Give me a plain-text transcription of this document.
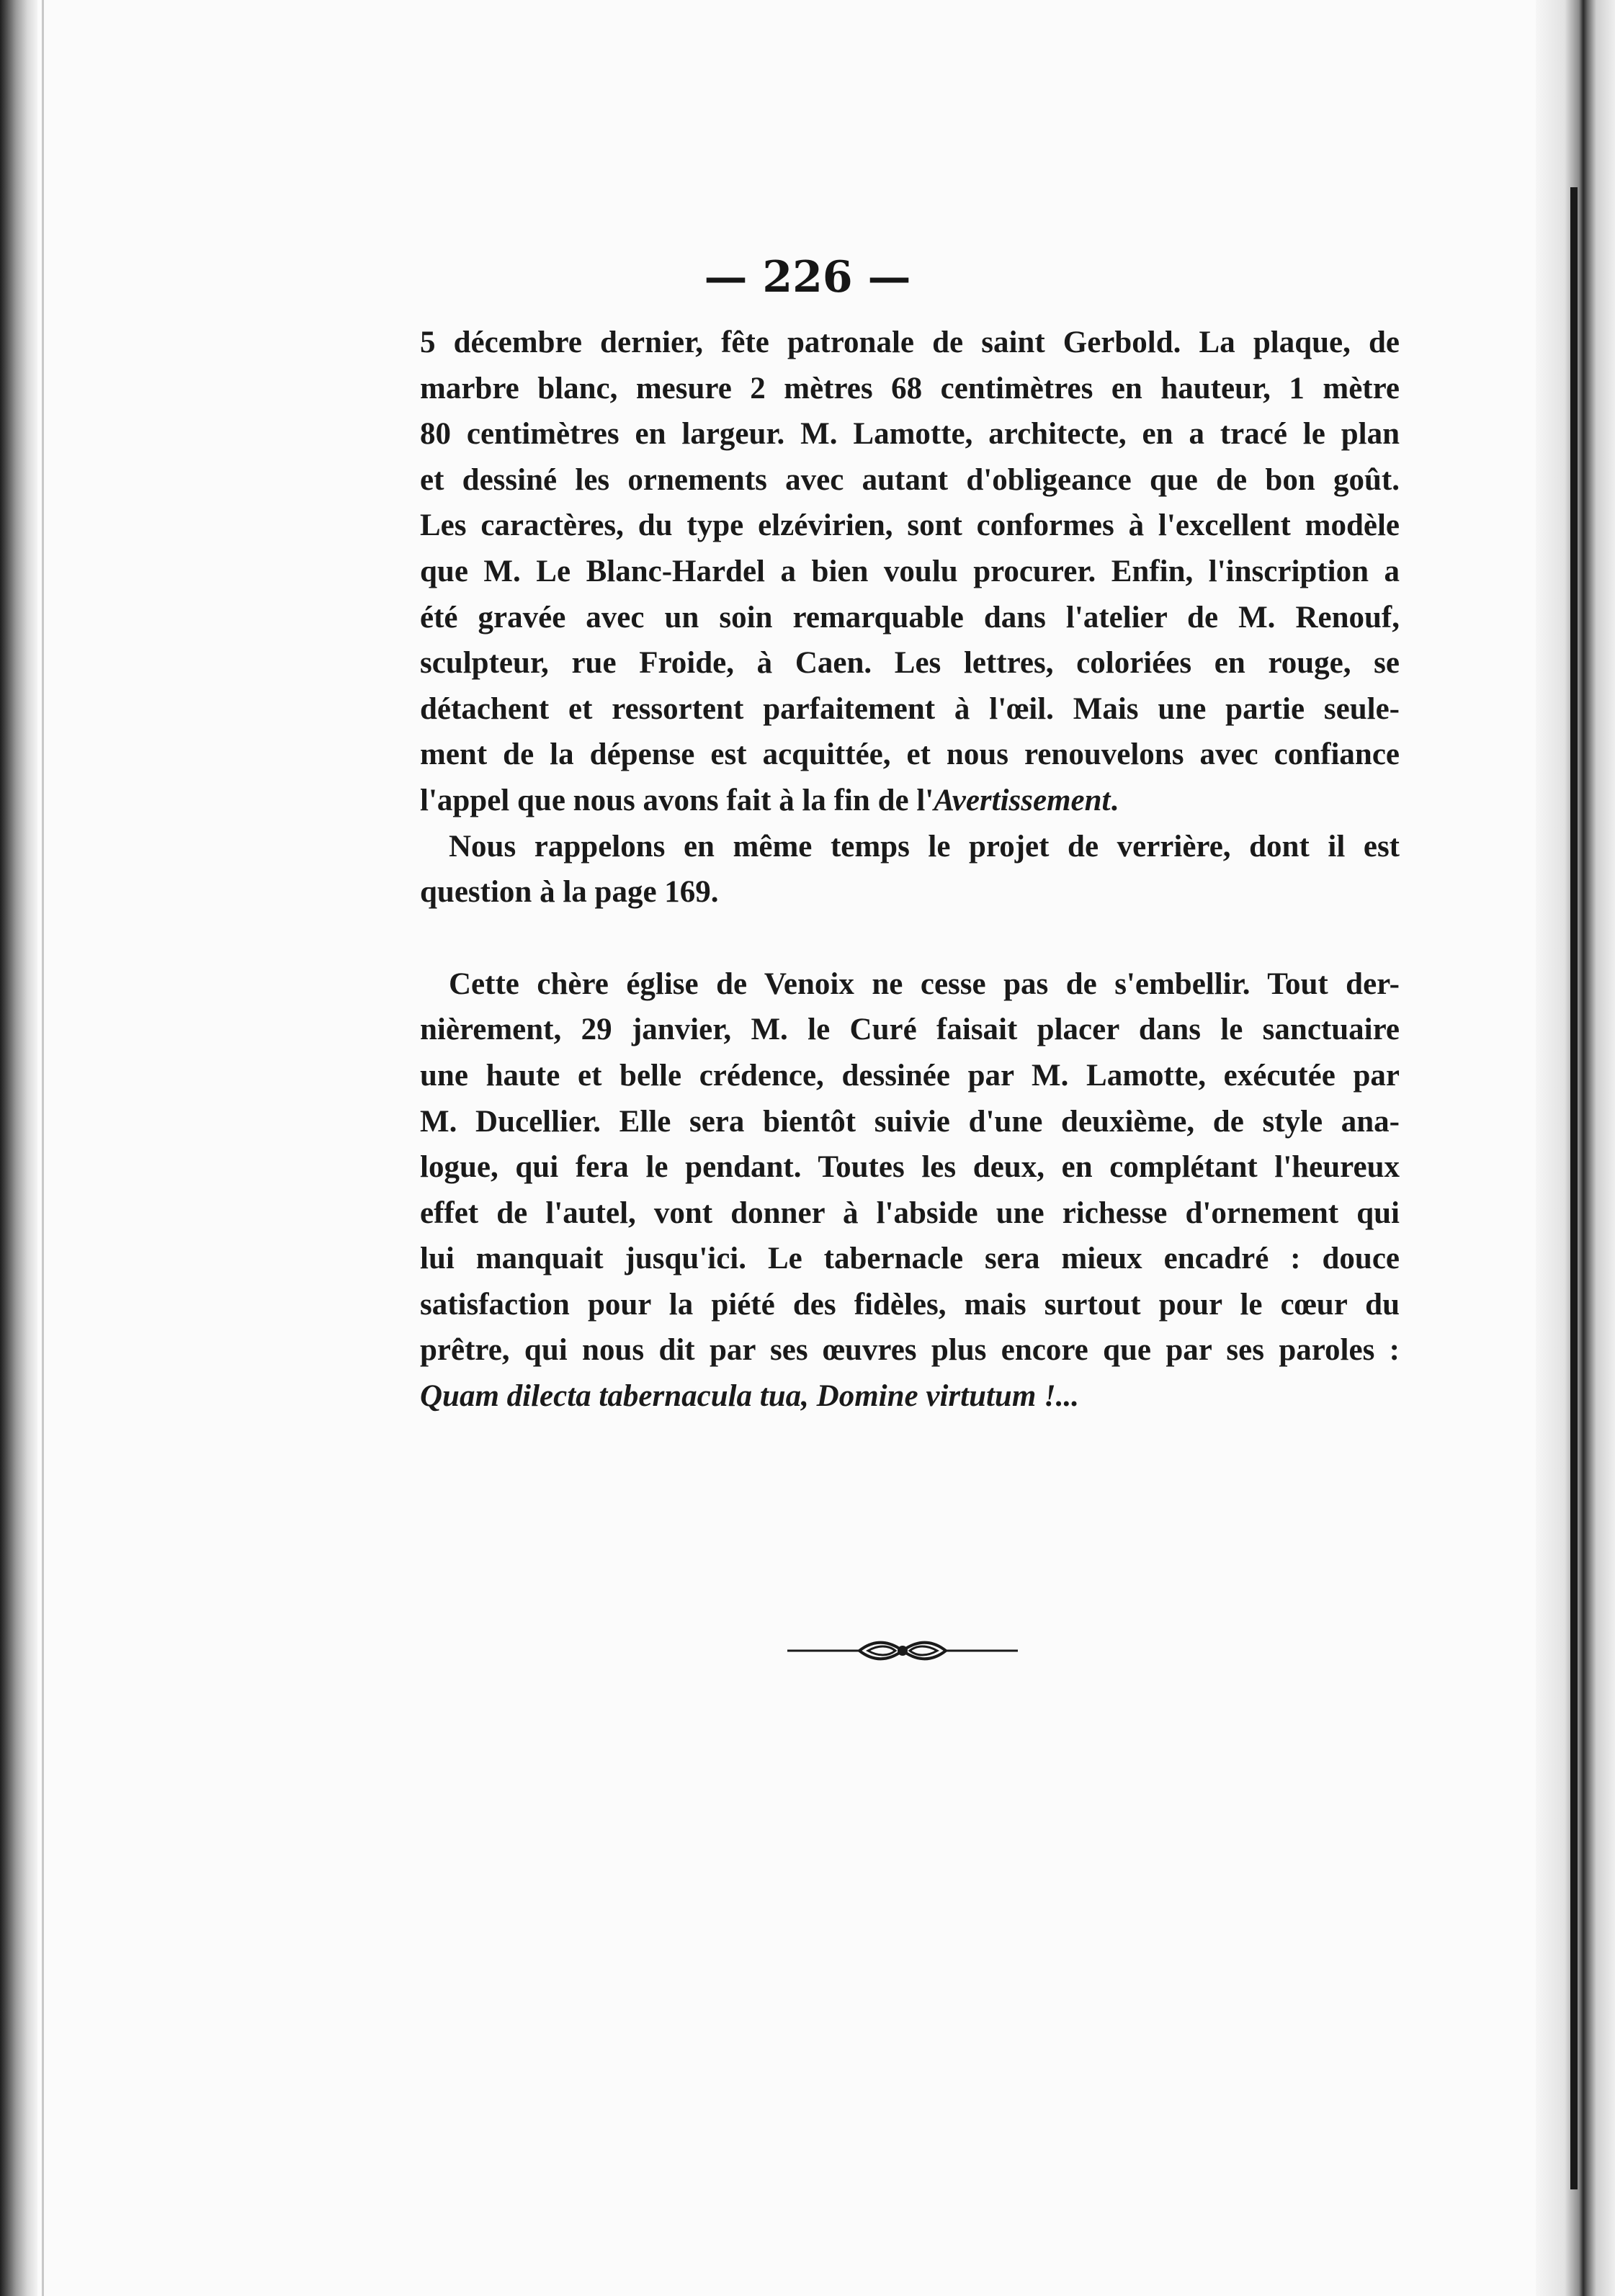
— 226 —
5 décembre dernier, fête patronale de saint Gerbold. La plaque, de
marbre blanc, mesure 2 mètres 68 centimètres en hauteur, 1 mètre
80 centimètres en largeur. M. Lamotte, architecte, en a tracé le plan
et dessiné les ornements avec autant d'obligeance que de bon goût.
Les caractères, du type elzévirien, sont conformes à l'excellent modèle
que M. Le Blanc-Hardel a bien voulu procurer. Enfin, l'inscription a
été gravée avec un soin remarquable dans l'atelier de M. Renouf,
sculpteur, rue Froide, à Caen. Les lettres, coloriées en rouge, se
détachent et ressortent parfaitement à l'œil. Mais une partie seule-
ment de la dépense est acquittée, et nous renouvelons avec confiance
l'appel que nous avons fait à la fin de l'Avertissement.
Nous rappelons en même temps le projet de verrière, dont il est
question à la page 169.
Cette chère église de Venoix ne cesse pas de s'embellir. Tout der-
nièrement, 29 janvier, M. le Curé faisait placer dans le sanctuaire
une haute et belle crédence, dessinée par M. Lamotte, exécutée par
M. Ducellier. Elle sera bientôt suivie d'une deuxième, de style ana-
logue, qui fera le pendant. Toutes les deux, en complétant l'heureux
effet de l'autel, vont donner à l'abside une richesse d'ornement qui
lui manquait jusqu'ici. Le tabernacle sera mieux encadré : douce
satisfaction pour la piété des fidèles, mais surtout pour le cœur du
prêtre, qui nous dit par ses œuvres plus encore que par ses paroles :
Quam dilecta tabernacula tua, Domine virtutum !...
